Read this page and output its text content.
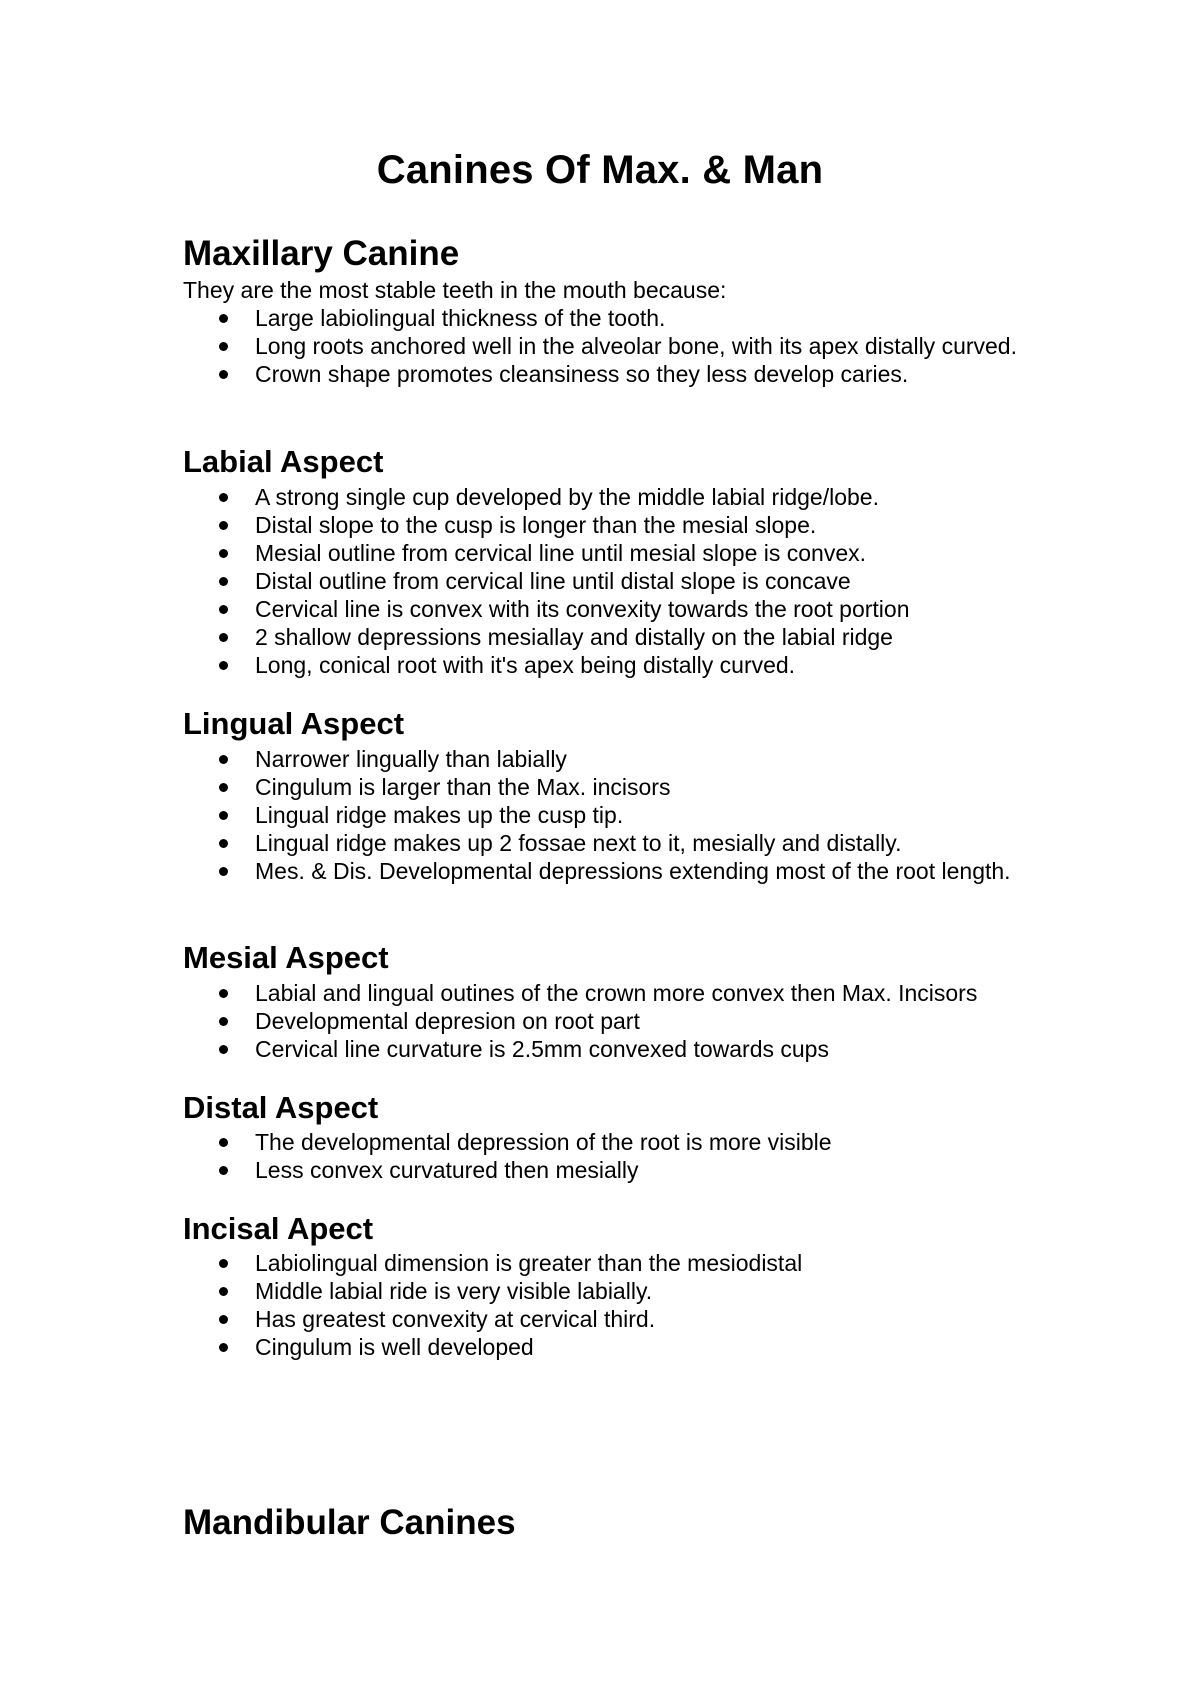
Canines Of Max. & Man
Maxillary Canine

They are the most stable teeth in the mouth because:

Large labiolingual thickness of the tooth.
Long roots anchored well in the alveolar bone, with its apex distally curved.
Crown shape promotes cleansiness so they less develop caries.
Labial Aspect
A strong single cup developed by the middle labial ridge/lobe.
Distal slope to the cusp is longer than the mesial slope.
Mesial outline from cervical line until mesial slope is convex.
Distal outline from cervical line until distal slope is concave
Cervical line is convex with its convexity towards the root portion
2 shallow depressions mesiallay and distally on the labial ridge
Long, conical root with it's apex being distally curved.
Lingual Aspect
Narrower lingually than labially
Cingulum is larger than the Max. incisors
Lingual ridge makes up the cusp tip.
Lingual ridge makes up 2 fossae next to it, mesially and distally.
Mes. & Dis. Developmental depressions extending most of the root length.
Mesial Aspect
Labial and lingual outines of the crown more convex then Max. Incisors
Developmental depresion on root part
Cervical line curvature is 2.5mm convexed towards cups
Distal Aspect
The developmental depression of the root is more visible
Less convex curvatured then mesially
Incisal Apect
Labiolingual dimension is greater than the mesiodistal
Middle labial ride is very visible labially.
Has greatest convexity at cervical third.
Cingulum is well developed
Mandibular Canines
